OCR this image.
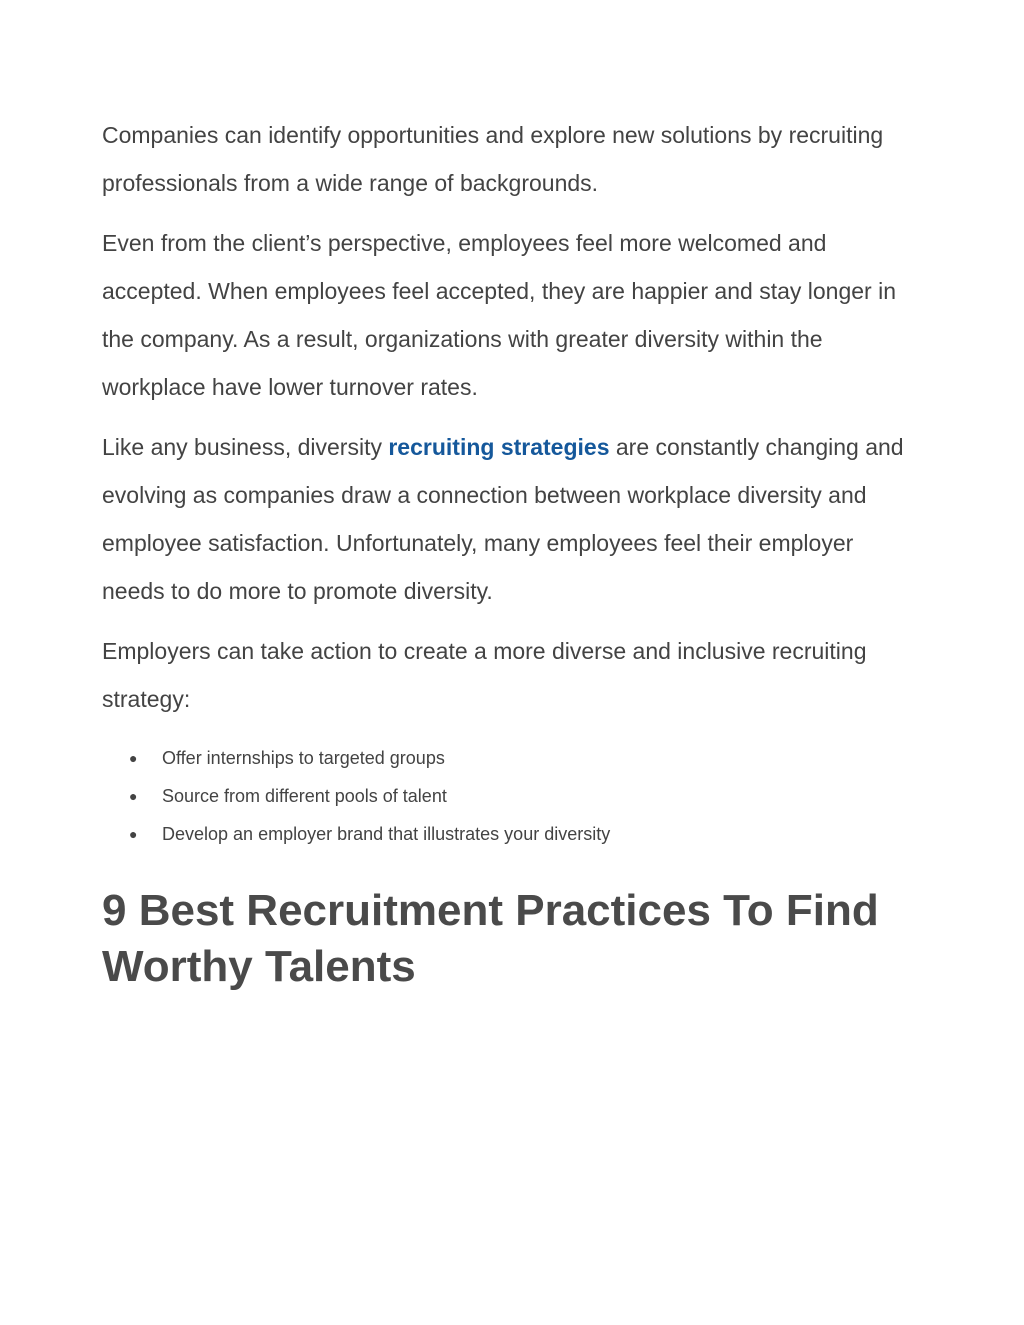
Companies can identify opportunities and explore new solutions by recruiting professionals from a wide range of backgrounds.

Even from the client’s perspective, employees feel more welcomed and accepted. When employees feel accepted, they are happier and stay longer in the company. As a result, organizations with greater diversity within the workplace have lower turnover rates.

Like any business, diversity recruiting strategies are constantly changing and evolving as companies draw a connection between workplace diversity and employee satisfaction. Unfortunately, many employees feel their employer needs to do more to promote diversity.

Employers can take action to create a more diverse and inclusive recruiting strategy:

● Offer internships to targeted groups
● Source from different pools of talent
● Develop an employer brand that illustrates your diversity
9 Best Recruitment Practices To Find Worthy Talents
